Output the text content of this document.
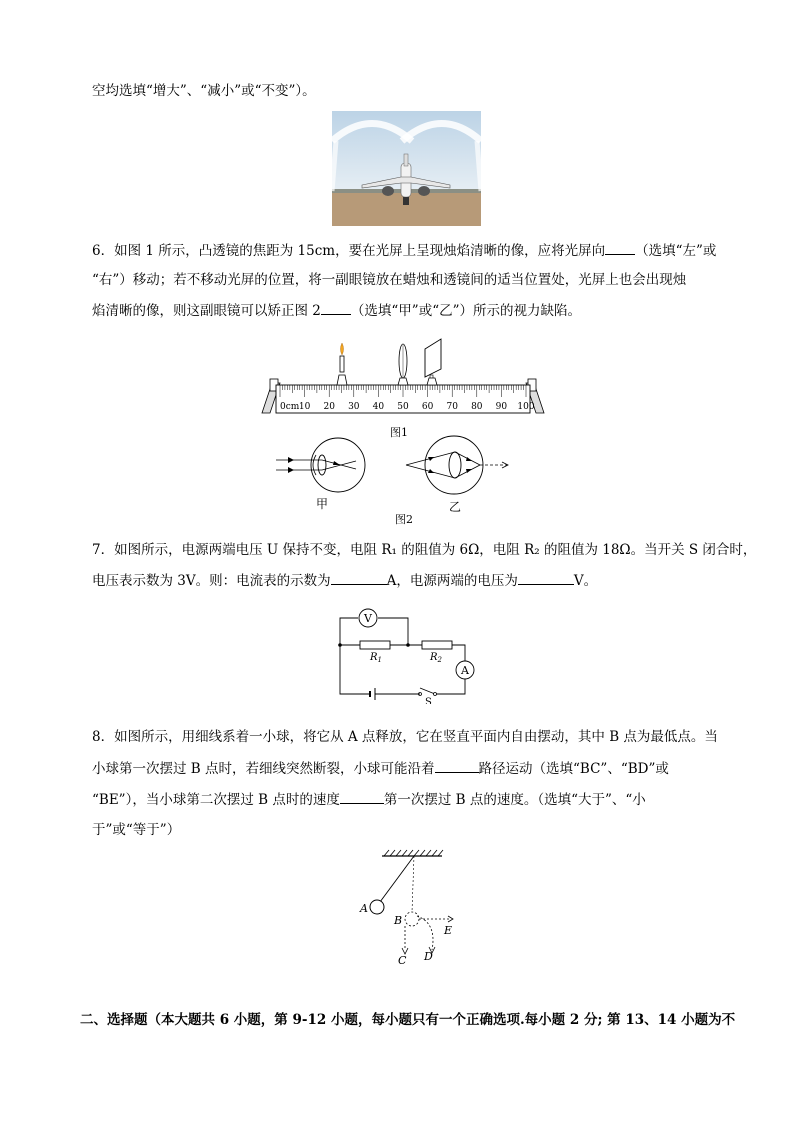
空均选填“增大”、“减小”或“不变”）。
6．如图 1 所示，凸透镜的焦距为 15cm，要在光屏上呈现烛焰清晰的像，应将光屏向 （选填“左”或
“右”）移动；若不移动光屏的位置，将一副眼镜放在蜡烛和透镜间的适当位置处，光屏上也会出现烛
焰清晰的像，则这副眼镜可以矫正图 2 （选填“甲”或“乙”）所示的视力缺陷。
0cm 10 20 30 40 50 60 70 80 90 100
图1
甲	乙
图2
7．如图所示，电源两端电压 U 保持不变，电阻 R₁ 的阻值为 6Ω，电阻 R₂ 的阻值为 18Ω。当开关 S 闭合时，
电压表示数为 3V。则：电流表的示数为	A，电源两端的电压为	V。
V
$R_1$	$R_2$
A
S
8．如图所示，用细线系着一小球，将它从 A 点释放，它在竖直平面内自由摆动，其中 B 点为最低点。当
小球第一次摆过 B 点时，若细线突然断裂，小球可能沿着	路径运动（选填“BC”、“BD”或
“BE”），当小球第二次摆过 B 点时的速度	第一次摆过 B 点的速度。（选填“大于”、“小
于”或“等于”）
A
B
C D
E
二、选择题（本大题共 6 小题，第 9-12 小题，每小题只有一个正确选项.每小题 2 分; 第 13、14 小题为不
